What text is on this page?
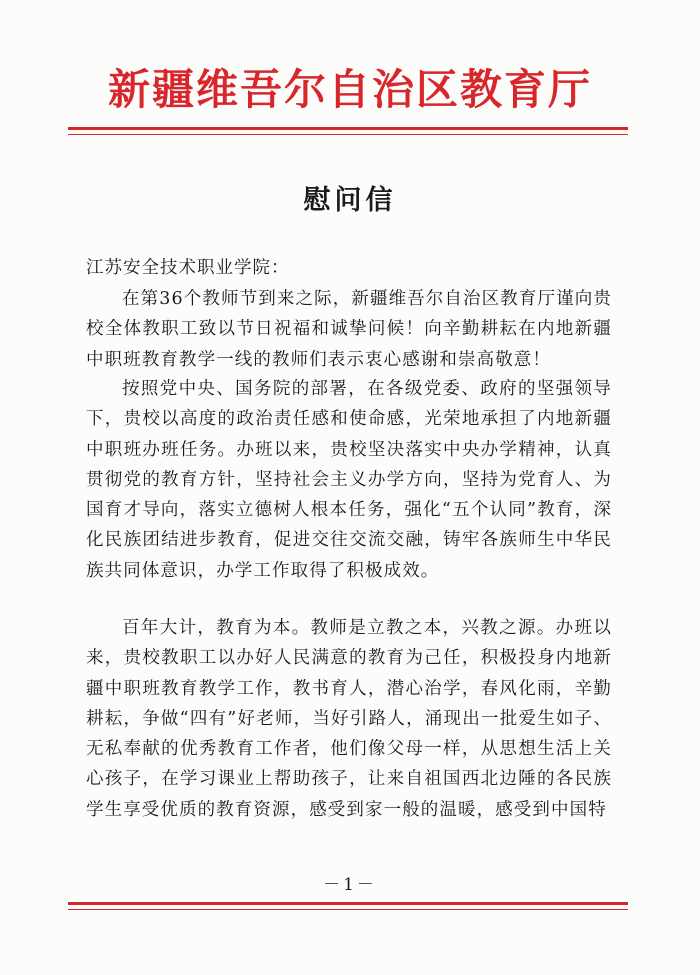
新疆维吾尔自治区教育厅
慰问信
江苏安全技术职业学院：

在第36个教师节到来之际，新疆维吾尔自治区教育厅谨向贵校全体教职工致以节日祝福和诚挚问候！向辛勤耕耘在内地新疆中职班教育教学一线的教师们表示衷心感谢和崇高敬意！

按照党中央、国务院的部署，在各级党委、政府的坚强领导下，贵校以高度的政治责任感和使命感，光荣地承担了内地新疆中职班办班任务。办班以来，贵校坚决落实中央办学精神，认真贯彻党的教育方针，坚持社会主义办学方向，坚持为党育人、为国育才导向，落实立德树人根本任务，强化“五个认同”教育，深化民族团结进步教育，促进交往交流交融，铸牢各族师生中华民族共同体意识，办学工作取得了积极成效。

百年大计，教育为本。教师是立教之本，兴教之源。办班以来，贵校教职工以办好人民满意的教育为己任，积极投身内地新疆中职班教育教学工作，教书育人，潜心治学，春风化雨，辛勤耕耘，争做“四有”好老师，当好引路人，涌现出一批爱生如子、无私奉献的优秀教育工作者，他们像父母一样，从思想生活上关心孩子，在学习课业上帮助孩子，让来自祖国西北边陲的各民族学生享受优质的教育资源，感受到家一般的温暖，感受到中国特

－1－
